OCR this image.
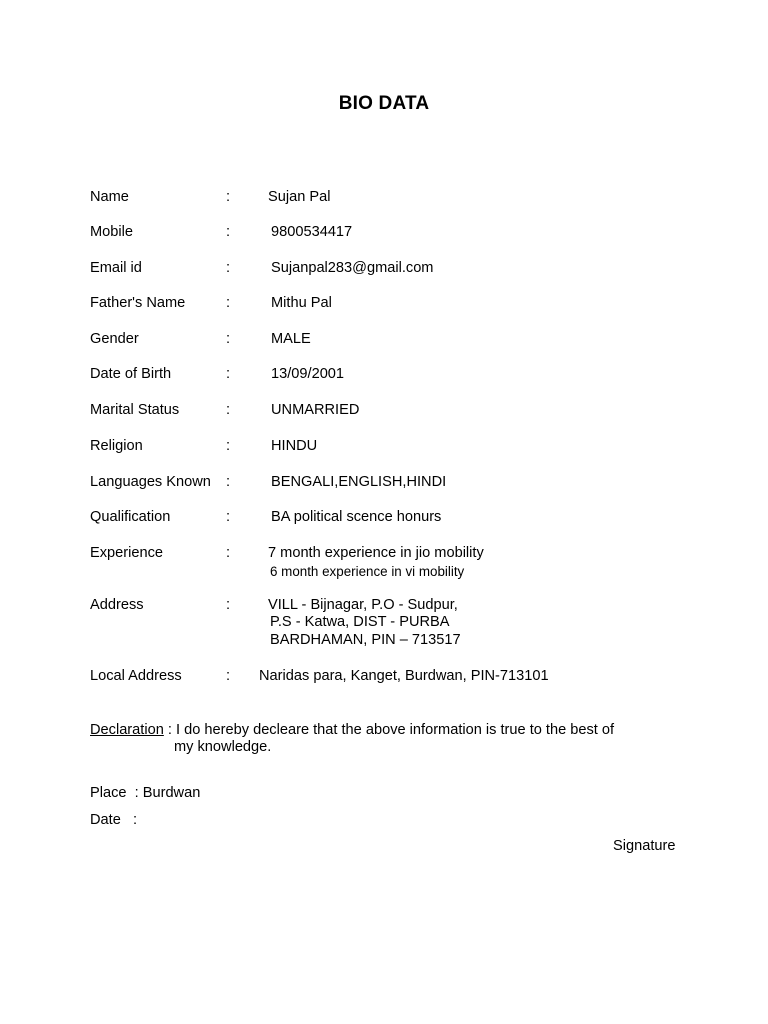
BIO DATA
Name	:	Sujan Pal
Mobile	:	9800534417
Email id	:	Sujanpal283@gmail.com
Father's Name	:	Mithu Pal
Gender	:	MALE
Date of Birth	:	13/09/2001
Marital Status	:	UNMARRIED
Religion	:	HINDU
Languages Known :	BENGALI,ENGLISH,HINDI
Qualification	:	BA political scence honurs
Experience	:	7 month experience in jio mobility
6 month experience in vi mobility
Address	:	VILL - Bijnagar, P.O - Sudpur,
P.S - Katwa, DIST - PURBA
BARDHAMAN, PIN – 713517
Local Address	: Naridas para, Kanget, Burdwan, PIN-713101
Declaration : I do hereby decleare that the above information is true to the best of
my knowledge.
Place  : Burdwan
Date   :
Signature
